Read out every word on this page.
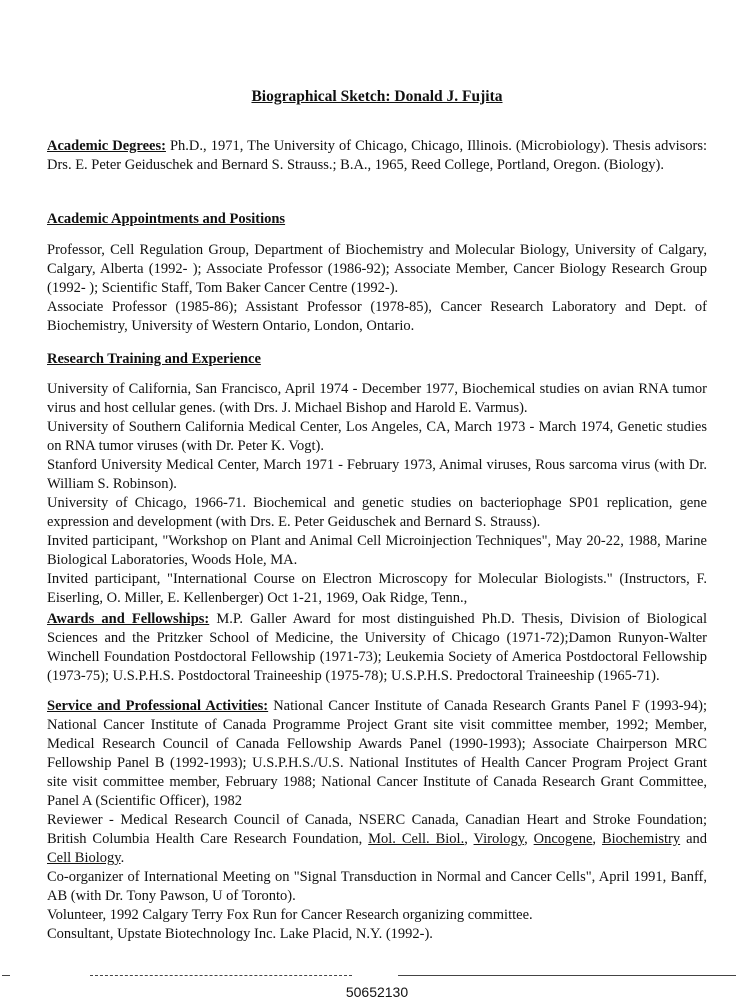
Biographical Sketch: Donald J. Fujita

Academic Degrees: Ph.D., 1971, The University of Chicago, Chicago, Illinois. (Microbiology). Thesis advisors: Drs. E. Peter Geiduschek and Bernard S. Strauss.; B.A., 1965, Reed College, Portland, Oregon. (Biology).

Academic Appointments and Positions

Professor, Cell Regulation Group, Department of Biochemistry and Molecular Biology, University of Calgary, Calgary, Alberta (1992- ); Associate Professor (1986-92); Associate Member, Cancer Biology Research Group (1992- ); Scientific Staff, Tom Baker Cancer Centre (1992-).

Associate Professor (1985-86); Assistant Professor (1978-85), Cancer Research Laboratory and Dept. of Biochemistry, University of Western Ontario, London, Ontario.

Research Training and Experience

University of California, San Francisco, April 1974 - December 1977, Biochemical studies on avian RNA tumor virus and host cellular genes. (with Drs. J. Michael Bishop and Harold E. Varmus).

University of Southern California Medical Center, Los Angeles, CA, March 1973 - March 1974, Genetic studies on RNA tumor viruses (with Dr. Peter K. Vogt).

Stanford University Medical Center, March 1971 - February 1973, Animal viruses, Rous sarcoma virus (with Dr. William S. Robinson).

University of Chicago, 1966-71. Biochemical and genetic studies on bacteriophage SP01 replication, gene expression and development (with Drs. E. Peter Geiduschek and Bernard S. Strauss).

Invited participant, "Workshop on Plant and Animal Cell Microinjection Techniques", May 20-22, 1988, Marine Biological Laboratories, Woods Hole, MA.

Invited participant, "International Course on Electron Microscopy for Molecular Biologists." (Instructors, F. Eiserling, O. Miller, E. Kellenberger) Oct 1-21, 1969, Oak Ridge, Tenn.,

Awards and Fellowships: M.P. Galler Award for most distinguished Ph.D. Thesis, Division of Biological Sciences and the Pritzker School of Medicine, the University of Chicago (1971-72);Damon Runyon-Walter Winchell Foundation Postdoctoral Fellowship (1971-73); Leukemia Society of America Postdoctoral Fellowship (1973-75); U.S.P.H.S. Postdoctoral Traineeship (1975-78); U.S.P.H.S. Predoctoral Traineeship (1965-71).

Service and Professional Activities: National Cancer Institute of Canada Research Grants Panel F (1993-94); National Cancer Institute of Canada Programme Project Grant site visit committee member, 1992; Member, Medical Research Council of Canada Fellowship Awards Panel (1990-1993); Associate Chairperson MRC Fellowship Panel B (1992-1993); U.S.P.H.S./U.S. National Institutes of Health Cancer Program Project Grant site visit committee member, February 1988; National Cancer Institute of Canada Research Grant Committee, Panel A (Scientific Officer), 1982

Reviewer - Medical Research Council of Canada, NSERC Canada, Canadian Heart and Stroke Foundation; British Columbia Health Care Research Foundation, Mol. Cell. Biol., Virology, Oncogene, Biochemistry and Cell Biology.

Co-organizer of International Meeting on "Signal Transduction in Normal and Cancer Cells", April 1991, Banff, AB (with Dr. Tony Pawson, U of Toronto).

Volunteer, 1992 Calgary Terry Fox Run for Cancer Research organizing committee.

Consultant, Upstate Biotechnology Inc. Lake Placid, N.Y. (1992-).

50652130
